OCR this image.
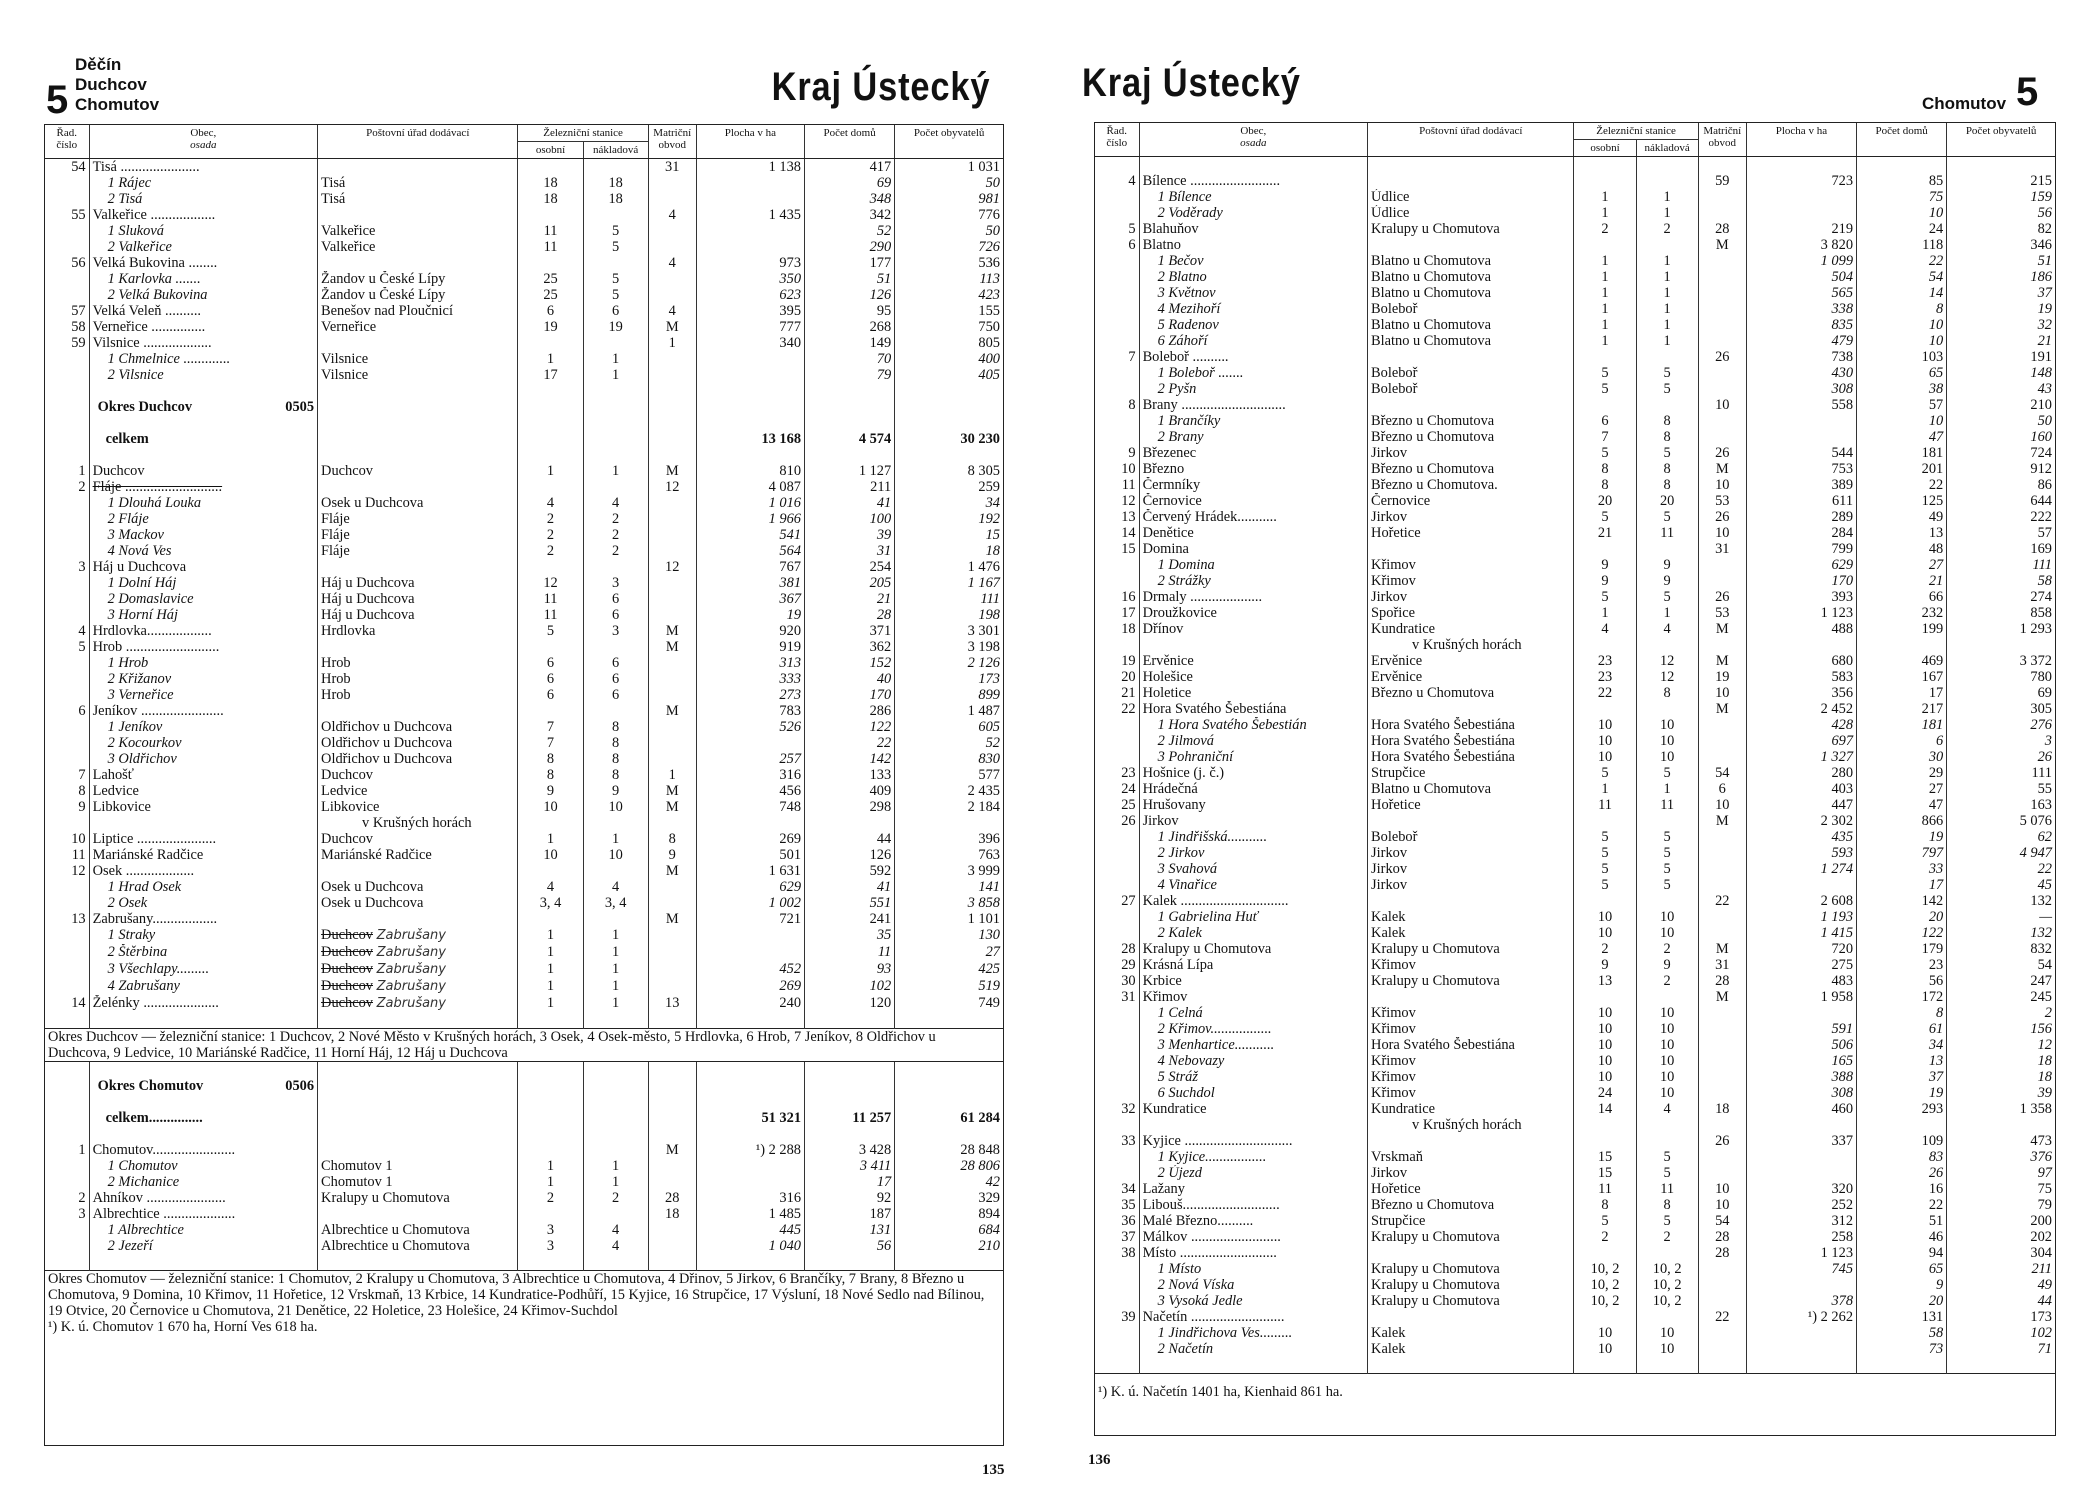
5
Děčín
Duchcov
Chomutov	Kraj Ústecký
Řad. číslo	Obec,
osada	Poštovní úřad dodávací	Železniční stanice		Matriční obvod	Plocha v ha	Počet domů	Počet obyvatelů
			osobní	nákladová				
54	Tisá ......................				31	1 138	417	1 031
	1 Rájec	Tisá	18	18			69	50
	2 Tisá	Tisá	18	18			348	981
55	Valkeřice ..................				4	1 435	342	776
	1 Sluková	Valkeřice	11	5			52	50
	2 Valkeřice	Valkeřice	11	5			290	726
56	Velká Bukovina ........				4	973	177	536
	1 Karlovka .......	Žandov u České Lípy	25	5		350	51	113
	2 Velká Bukovina	Žandov u České Lípy	25	5		623	126	423
57	Velká Veleň ..........	Benešov nad Ploučnicí	6	6	4	395	95	155
58	Verneřice ...............	Verneřice	19	19	M	777	268	750
59	Vilsnice ...................				1	340	149	805
	1 Chmelnice .............	Vilsnice	1	1			70	400
	2 Vilsnice	Vilsnice	17	1			79	405

	Okres Duchcov 0505							

	celkem					13 168	4 574	30 230

1	Duchcov	Duchcov	1	1	M	810	1 127	8 305
2	Fláje ...........................				12	4 087	211	259
	1 Dlouhá Louka	Osek u Duchcova	4	4		1 016	41	34
	2 Fláje	Fláje	2	2		1 966	100	192
	3 Mackov	Fláje	2	2		541	39	15
	4 Nová Ves	Fláje	2	2		564	31	18
3	Háj u Duchcova				12	767	254	1 476
	1 Dolní Háj	Háj u Duchcova	12	3		381	205	1 167
	2 Domaslavice	Háj u Duchcova	11	6		367	21	111
	3 Horní Háj	Háj u Duchcova	11	6		19	28	198
4	Hrdlovka..................	Hrdlovka	5	3	M	920	371	3 301
5	Hrob ..........................				M	919	362	3 198
	1 Hrob	Hrob	6	6		313	152	2 126
	2 Křižanov	Hrob	6	6		333	40	173
	3 Verneřice	Hrob	6	6		273	170	899
6	Jeníkov .......................				M	783	286	1 487
	1 Jeníkov	Oldřichov u Duchcova	7	8		526	122	605
	2 Kocourkov	Oldřichov u Duchcova	7	8			22	52
	3 Oldřichov	Oldřichov u Duchcova	8	8		257	142	830
7	Lahošť	Duchcov	8	8	1	316	133	577
8	Ledvice	Ledvice	9	9	M	456	409	2 435
9	Libkovice	Libkovice	10	10	M	748	298	2 184
		v Krušných horách						
10	Liptice ......................	Duchcov	1	1	8	269	44	396
11	Mariánské Radčice	Mariánské Radčice	10	10	9	501	126	763
12	Osek ...................				M	1 631	592	3 999
	1 Hrad Osek	Osek u Duchcova	4	4		629	41	141
	2 Osek	Osek u Duchcova	3, 4	3, 4		1 002	551	3 858
13	Zabrušany..................				M	721	241	1 101
	1 Straky	Duchcov Zabrušany	1	1			35	130
	2 Štěrbina	Duchcov Zabrušany	1	1			11	27
	3 Všechlapy.........	Duchcov Zabrušany	1	1		452	93	425
	4 Zabrušany	Duchcov Zabrušany	1	1		269	102	519
14	Želénky .....................	Duchcov Zabrušany	1	1	13	240	120	749

Okres Duchcov — železniční stanice: 1 Duchcov, 2 Nové Město v Krušných horách, 3 Osek, 4 Osek-město, 5 Hrdlovka, 6 Hrob, 7 Jeníkov, 8 Oldřichov u Duchcova, 9 Ledvice, 10 Mariánské Radčice, 11 Horní Háj, 12 Háj u Duchcova								

	Okres Chomutov 0506							

	celkem...............					51 321	11 257	61 284

1	Chomutov.......................				M	¹) 2 288	3 428	28 848
	1 Chomutov	Chomutov 1	1	1			3 411	28 806
	2 Michanice	Chomutov 1	1	1			17	42
2	Ahníkov ......................	Kralupy u Chomutova	2	2	28	316	92	329
3	Albrechtice ....................				18	1 485	187	894
	1 Albrechtice	Albrechtice u Chomutova	3	4		445	131	684
	2 Jezeří	Albrechtice u Chomutova	3	4		1 040	56	210

Okres Chomutov — železniční stanice: 1 Chomutov, 2 Kralupy u Chomutova, 3 Albrechtice u Chomutova, 4 Dřinov, 5 Jirkov, 6 Brančíky, 7 Brany, 8 Březno u Chomutova, 9 Domina, 10 Křimov, 11 Hořetice, 12 Vrskmaň, 13 Krbice, 14 Kundratice-Podhůří, 15 Kyjice, 16 Strupčice, 17 Výsluní, 18 Nové Sedlo nad Bílinou, 19 Otvice, 20 Černovice u Chomutova, 21 Denětice, 22 Holetice, 23 Holešice, 24 Křimov-Suchdol								
¹) K. ú. Chomutov 1 670 ha, Horní Ves 618 ha.								
135
Kraj Ústecký	Chomutov 5
Řad. číslo	Obec,
osada	Poštovní úřad dodávací	Železniční stanice		Matriční obvod	Plocha v ha	Počet domů	Počet obyvatelů
			osobní	nákladová				

4	Bílence .........................				59	723	85	215
	1 Bílence	Údlice	1	1			75	159
	2 Voděrady	Údlice	1	1			10	56
5	Blahuňov	Kralupy u Chomutova	2	2	28	219	24	82
6	Blatno				M	3 820	118	346
	1 Bečov	Blatno u Chomutova	1	1		1 099	22	51
	2 Blatno	Blatno u Chomutova	1	1		504	54	186
	3 Květnov	Blatno u Chomutova	1	1		565	14	37
	4 Mezihoří	Boleboř	1	1		338	8	19
	5 Radenov	Blatno u Chomutova	1	1		835	10	32
	6 Záhoří	Blatno u Chomutova	1	1		479	10	21
7	Boleboř ..........				26	738	103	191
	1 Boleboř .......	Boleboř	5	5		430	65	148
	2 Pyšn	Boleboř	5	5		308	38	43
8	Brany .............................				10	558	57	210
	1 Brančíky	Březno u Chomutova	6	8			10	50
	2 Brany	Březno u Chomutova	7	8			47	160
9	Březenec	Jirkov	5	5	26	544	181	724
10	Březno	Březno u Chomutova	8	8	M	753	201	912
11	Čermníky	Březno u Chomutova.	8	8	10	389	22	86
12	Černovice	Černovice	20	20	53	611	125	644
13	Červený Hrádek...........	Jirkov	5	5	26	289	49	222
14	Denětice	Hořetice	21	11	10	284	13	57
15	Domina				31	799	48	169
	1 Domina	Křimov	9	9		629	27	111
	2 Strážky	Křimov	9	9		170	21	58
16	Drmaly ....................	Jirkov	5	5	26	393	66	274
17	Droužkovice	Spořice	1	1	53	1 123	232	858
18	Dřínov	Kundratice	4	4	M	488	199	1 293
		v Krušných horách						
19	Ervěnice	Ervěnice	23	12	M	680	469	3 372
20	Holešice	Ervěnice	23	12	19	583	167	780
21	Holetice	Březno u Chomutova	22	8	10	356	17	69
22	Hora Svatého Šebestiána				M	2 452	217	305
	1 Hora Svatého Šebestián	Hora Svatého Šebestiána	10	10		428	181	276
	2 Jilmová	Hora Svatého Šebestiána	10	10		697	6	3
	3 Pohraniční	Hora Svatého Šebestiána	10	10		1 327	30	26
23	Hošnice (j. č.)	Strupčice	5	5	54	280	29	111
24	Hrádečná	Blatno u Chomutova	1	1	6	403	27	55
25	Hrušovany	Hořetice	11	11	10	447	47	163
26	Jirkov				M	2 302	866	5 076
	1 Jindřišská...........	Boleboř	5	5		435	19	62
	2 Jirkov	Jirkov	5	5		593	797	4 947
	3 Svahová	Jirkov	5	5		1 274	33	22
	4 Vinařice	Jirkov	5	5			17	45
27	Kalek ..............................				22	2 608	142	132
	1 Gabrielina Huť	Kalek	10	10		1 193	20	—
	2 Kalek	Kalek	10	10		1 415	122	132
28	Kralupy u Chomutova	Kralupy u Chomutova	2	2	M	720	179	832
29	Krásná Lípa	Křimov	9	9	31	275	23	54
30	Krbice	Kralupy u Chomutova	13	2	28	483	56	247
31	Křimov				M	1 958	172	245
	1 Celná	Křimov	10	10			8	2
	2 Křimov.................	Křimov	10	10		591	61	156
	3 Menhartice...........	Hora Svatého Šebestiána	10	10		506	34	12
	4 Nebovazy	Křimov	10	10		165	13	18
	5 Stráž	Křimov	10	10		388	37	18
	6 Suchdol	Křimov	24	10		308	19	39
32	Kundratice	Kundratice	14	4	18	460	293	1 358
		v Krušných horách						
33	Kyjice ..............................				26	337	109	473
	1 Kyjice.................	Vrskmaň	15	5			83	376
	2 Újezd	Jirkov	15	5			26	97
34	Lažany	Hořetice	11	11	10	320	16	75
35	Libouš...........................	Březno u Chomutova	8	8	10	252	22	79
36	Malé Březno..........	Strupčice	5	5	54	312	51	200
37	Málkov .........................	Kralupy u Chomutova	2	2	28	258	46	202
38	Místo ...........................				28	1 123	94	304
	1 Místo	Kralupy u Chomutova	10, 2	10, 2		745	65	211
	2 Nová Víska	Kralupy u Chomutova	10, 2	10, 2			9	49
	3 Vysoká Jedle	Kralupy u Chomutova	10, 2	10, 2		378	20	44
39	Načetín ..........................				22	¹) 2 262	131	173
	1 Jindřichova Ves.........	Kalek	10	10			58	102
	2 Načetín	Kalek	10	10			73	71

¹) K. ú. Načetín 1401 ha, Kienhaid 861 ha.								
136
